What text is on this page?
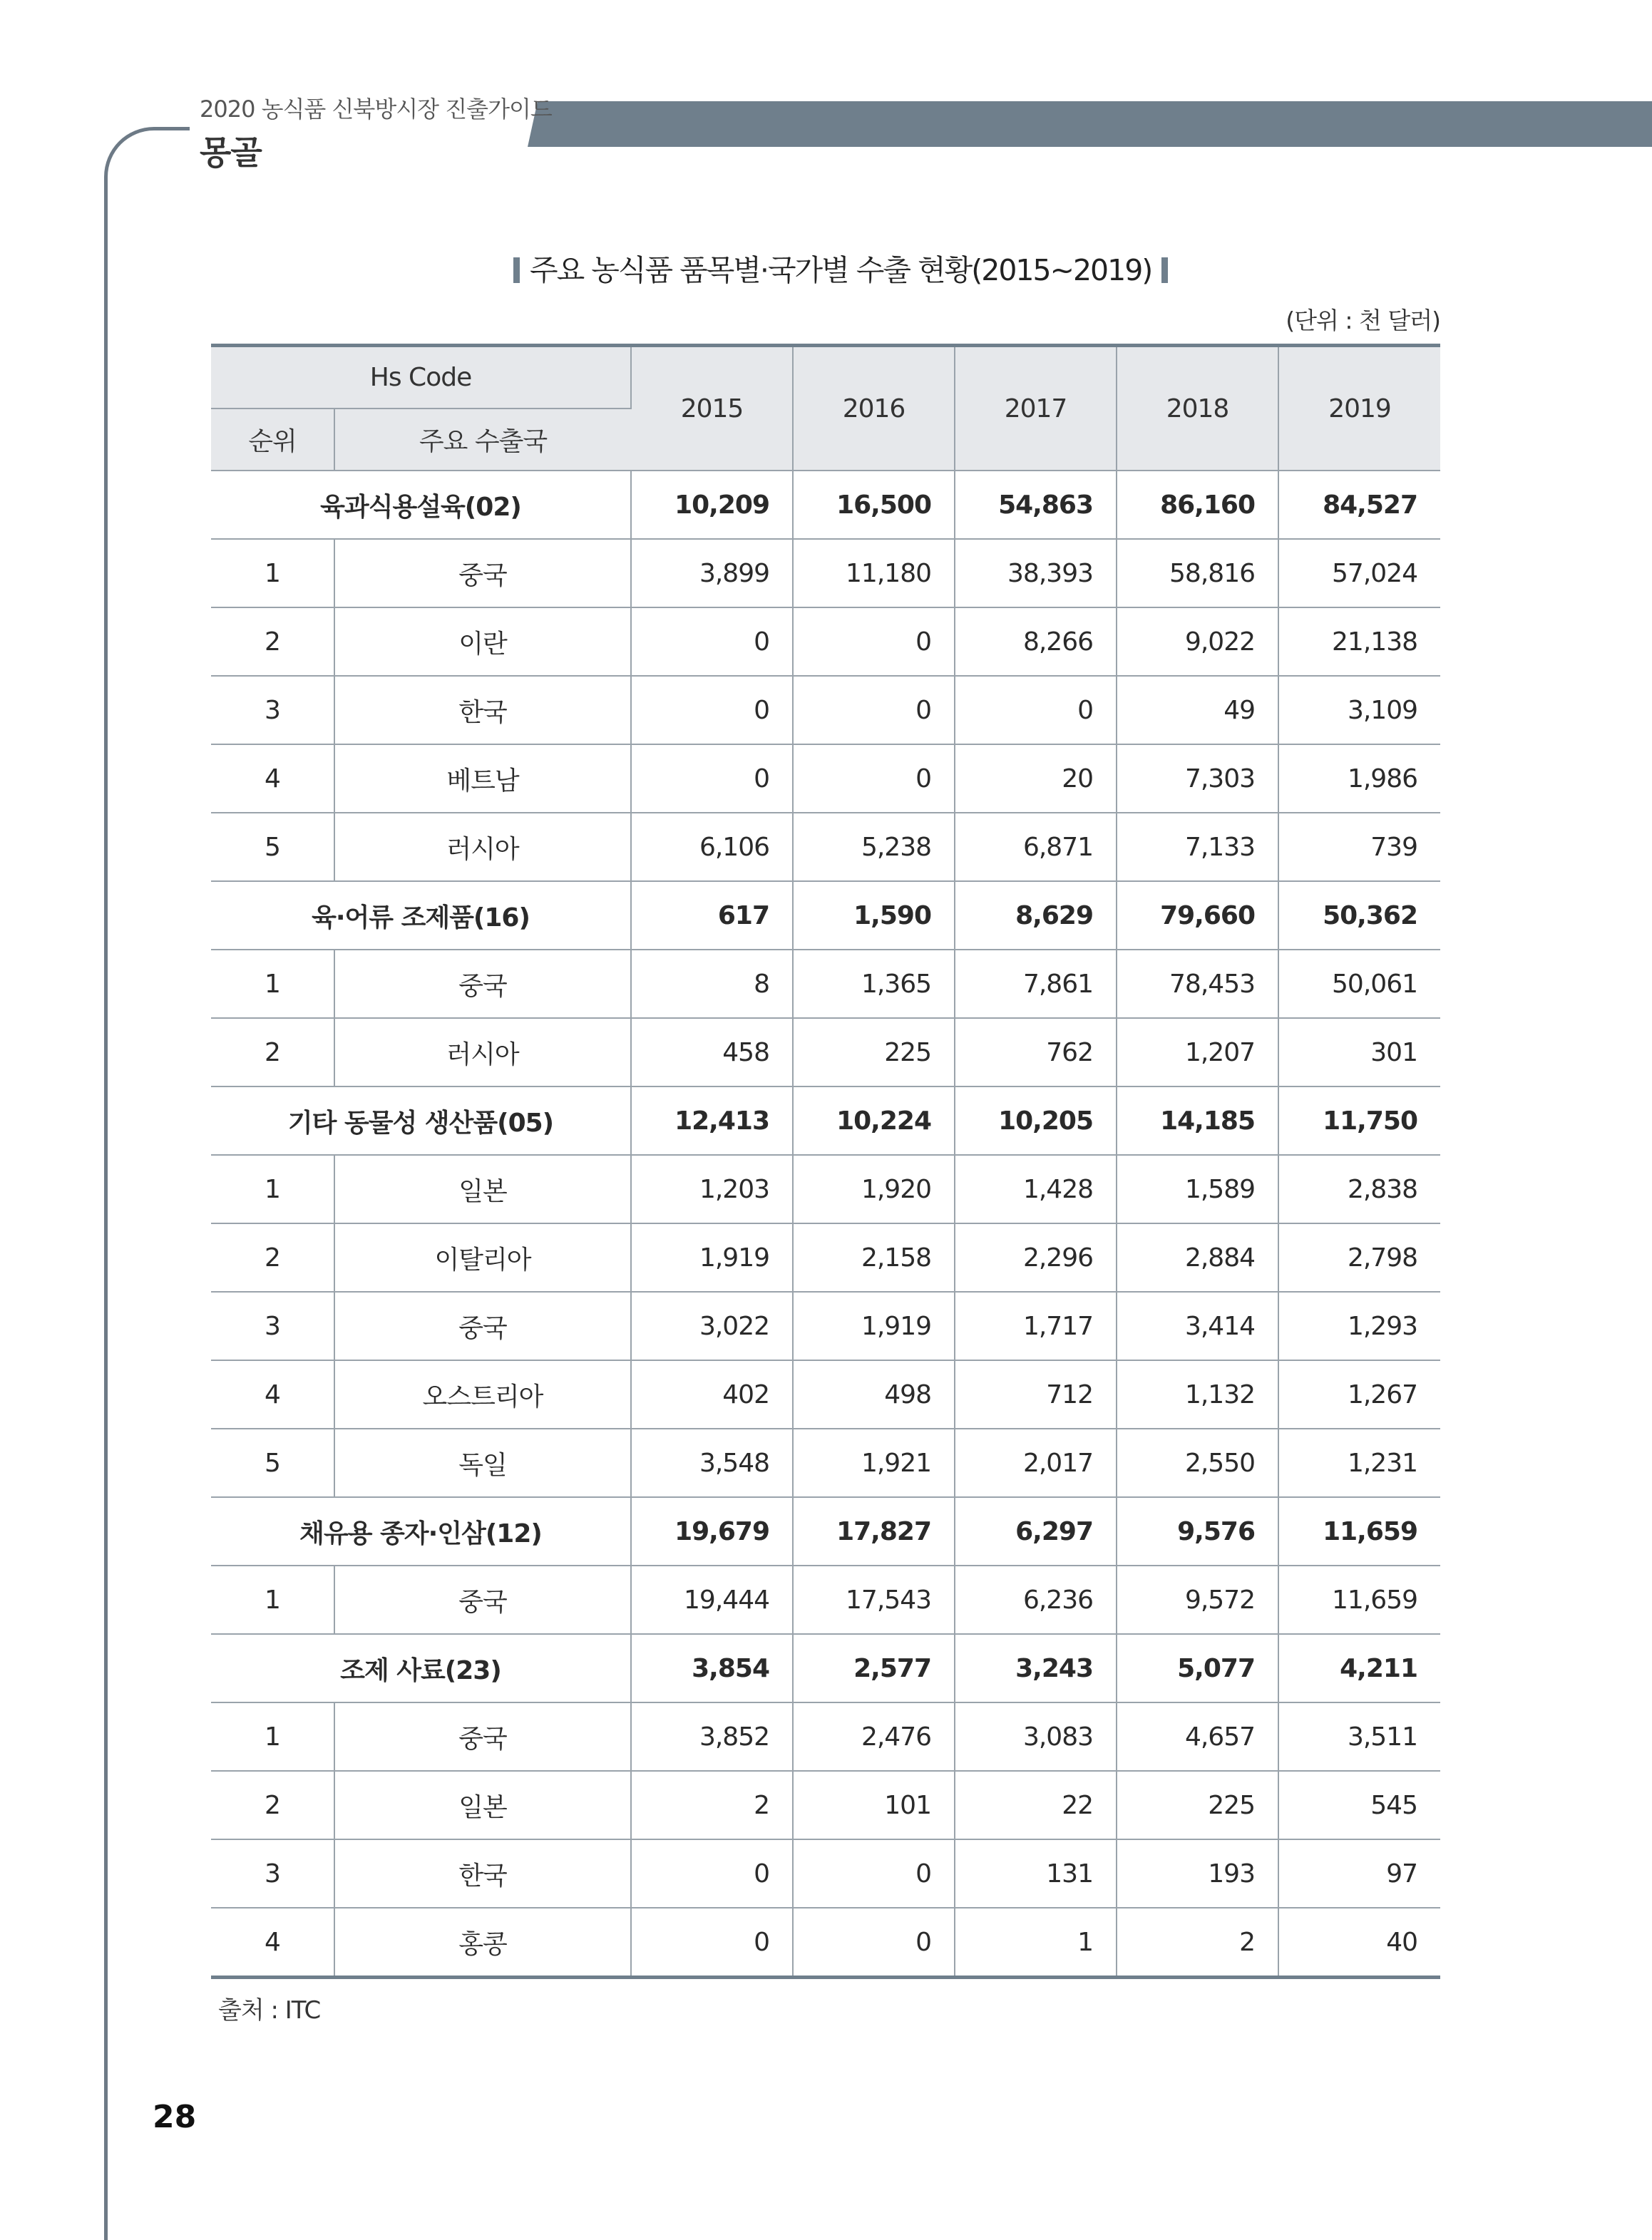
2020 농식품 신북방시장 진출가이드
몽골
주요 농식품 품목별·국가별 수출 현황(2015~2019)
(단위 : 천 달러)
Hs Code		2015	2016	2017	2018	2019
순위	주요 수출국					
육과식용설육(02)		10,209	16,500	54,863	86,160	84,527
1	중국	3,899	11,180	38,393	58,816	57,024
2	이란	0	0	8,266	9,022	21,138
3	한국	0	0	0	49	3,109
4	베트남	0	0	20	7,303	1,986
5	러시아	6,106	5,238	6,871	7,133	739
육·어류 조제품(16)		617	1,590	8,629	79,660	50,362
1	중국	8	1,365	7,861	78,453	50,061
2	러시아	458	225	762	1,207	301
기타 동물성 생산품(05)		12,413	10,224	10,205	14,185	11,750
1	일본	1,203	1,920	1,428	1,589	2,838
2	이탈리아	1,919	2,158	2,296	2,884	2,798
3	중국	3,022	1,919	1,717	3,414	1,293
4	오스트리아	402	498	712	1,132	1,267
5	독일	3,548	1,921	2,017	2,550	1,231
채유용 종자·인삼(12)		19,679	17,827	6,297	9,576	11,659
1	중국	19,444	17,543	6,236	9,572	11,659
조제 사료(23)		3,854	2,577	3,243	5,077	4,211
1	중국	3,852	2,476	3,083	4,657	3,511
2	일본	2	101	22	225	545
3	한국	0	0	131	193	97
4	홍콩	0	0	1	2	40
출처 : ITC
28
